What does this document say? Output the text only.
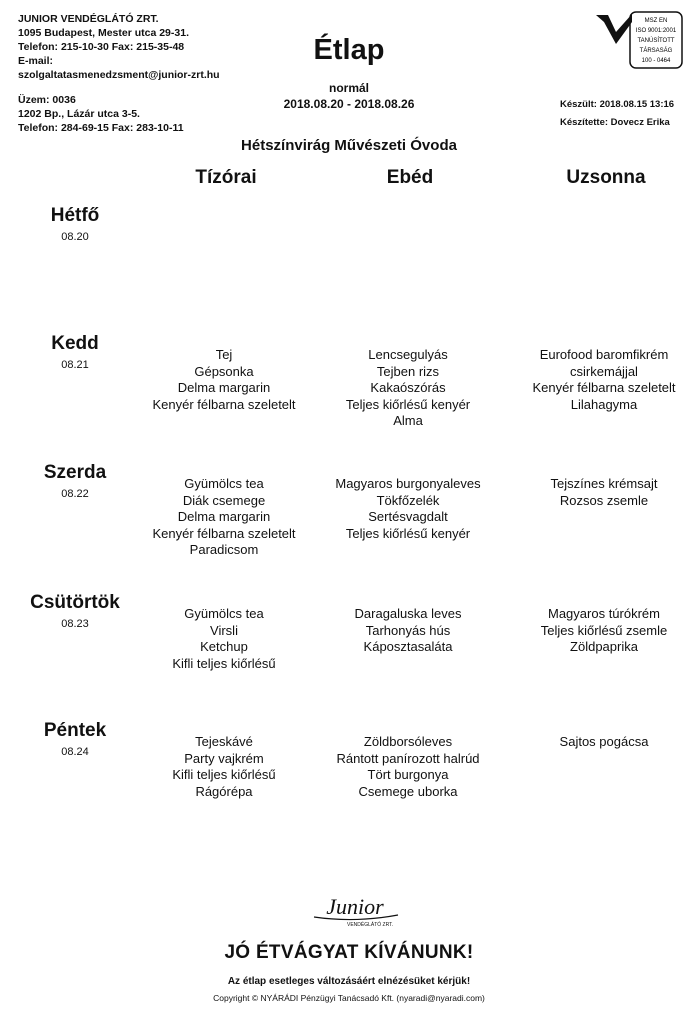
JUNIOR VENDÉGLÁTÓ ZRT.
1095 Budapest, Mester utca 29-31.
Telefon: 215-10-30 Fax: 215-35-48
E-mail:
szolgaltatasmenedzsment@junior-zrt.hu
Üzem: 0036
1202 Bp., Lázár utca 3-5.
Telefon: 284-69-15 Fax: 283-10-11
Étlap
normál
2018.08.20 - 2018.08.26
MSZ EN
ISO 9001:2001
TANÚSÍTOTT
TÁRSASÁG
100 - 0464
Készült: 2018.08.15 13:16
Készítette: Dovecz Erika
Hétszínvirág Művészeti Óvoda
Tízórai	Ebéd	Uzsonna
Hétfő
08.20
Kedd
08.21
Tej
Gépsonka
Delma margarin
Kenyér félbarna szeletelt
Lencsegulyás
Tejben rizs
Kakaószórás
Teljes kiőrlésű kenyér
Alma
Eurofood baromfikrém
csirkemájjal
Kenyér félbarna szeletelt
Lilahagyma
Szerda
08.22
Gyümölcs tea
Diák csemege
Delma margarin
Kenyér félbarna szeletelt
Paradicsom
Magyaros burgonyaleves
Tökfőzelék
Sertésvagdalt
Teljes kiőrlésű kenyér
Tejszínes krémsajt
Rozsos zsemle
Csütörtök
08.23
Gyümölcs tea
Virsli
Ketchup
Kifli teljes kiőrlésű
Daragaluska leves
Tarhonyás hús
Káposztasaláta
Magyaros túrókrém
Teljes kiőrlésű zsemle
Zöldpaprika
Péntek
08.24
Tejeskávé
Party vajkrém
Kifli teljes kiőrlésű
Rágórépa
Zöldborsóleves
Rántott panírozott halrúd
Tört burgonya
Csemege uborka
Sajtos pogácsa
Junior
VENDÉGLÁTÓ ZRT.
JÓ ÉTVÁGYAT KÍVÁNUNK!
Az étlap esetleges változásáért elnézésüket kérjük!
Copyright © NYÁRÁDI Pénzügyi Tanácsadó Kft. (nyaradi@nyaradi.com)
